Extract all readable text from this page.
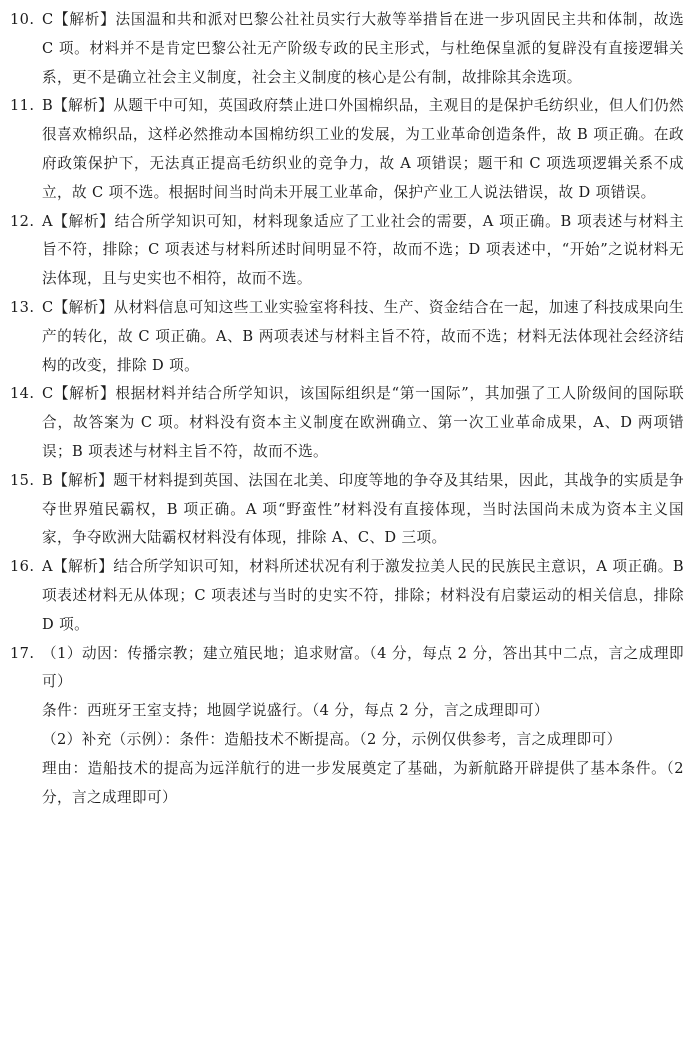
10. C【解析】法国温和共和派对巴黎公社社员实行大赦等举措旨在进一步巩固民主共和体制，故选 C 项。材料并不是肯定巴黎公社无产阶级专政的民主形式，与杜绝保皇派的复辟没有直接逻辑关系，更不是确立社会主义制度，社会主义制度的核心是公有制，故排除其余选项。

11. B【解析】从题干中可知，英国政府禁止进口外国棉织品，主观目的是保护毛纺织业，但人们仍然很喜欢棉织品，这样必然推动本国棉纺织工业的发展，为工业革命创造条件，故 B 项正确。在政府政策保护下，无法真正提高毛纺织业的竞争力，故 A 项错误；题干和 C 项选项逻辑关系不成立，故 C 项不选。根据时间当时尚未开展工业革命，保护产业工人说法错误，故 D 项错误。

12. A【解析】结合所学知识可知，材料现象适应了工业社会的需要，A 项正确。B 项表述与材料主旨不符，排除；C 项表述与材料所述时间明显不符，故而不选；D 项表述中，“开始”之说材料无法体现，且与史实也不相符，故而不选。

13. C【解析】从材料信息可知这些工业实验室将科技、生产、资金结合在一起，加速了科技成果向生产的转化，故 C 项正确。A、B 两项表述与材料主旨不符，故而不选；材料无法体现社会经济结构的改变，排除 D 项。

14. C【解析】根据材料并结合所学知识，该国际组织是“第一国际”，其加强了工人阶级间的国际联合，故答案为 C 项。材料没有资本主义制度在欧洲确立、第一次工业革命成果，A、D 两项错误；B 项表述与材料主旨不符，故而不选。

15. B【解析】题干材料提到英国、法国在北美、印度等地的争夺及其结果，因此，其战争的实质是争夺世界殖民霸权，B 项正确。A 项“野蛮性”材料没有直接体现，当时法国尚未成为资本主义国家，争夺欧洲大陆霸权材料没有体现，排除 A、C、D 三项。

16. A【解析】结合所学知识可知，材料所述状况有利于激发拉美人民的民族民主意识，A 项正确。B 项表述材料无从体现；C 项表述与当时的史实不符，排除；材料没有启蒙运动的相关信息，排除 D 项。

17. （1）动因：传播宗教；建立殖民地；追求财富。（4 分，每点 2 分，答出其中二点，言之成理即可）

条件：西班牙王室支持；地圆学说盛行。（4 分，每点 2 分，言之成理即可）

（2）补充（示例）：条件：造船技术不断提高。（2 分，示例仅供参考，言之成理即可）

理由：造船技术的提高为远洋航行的进一步发展奠定了基础，为新航路开辟提供了基本条件。（2 分，言之成理即可）
